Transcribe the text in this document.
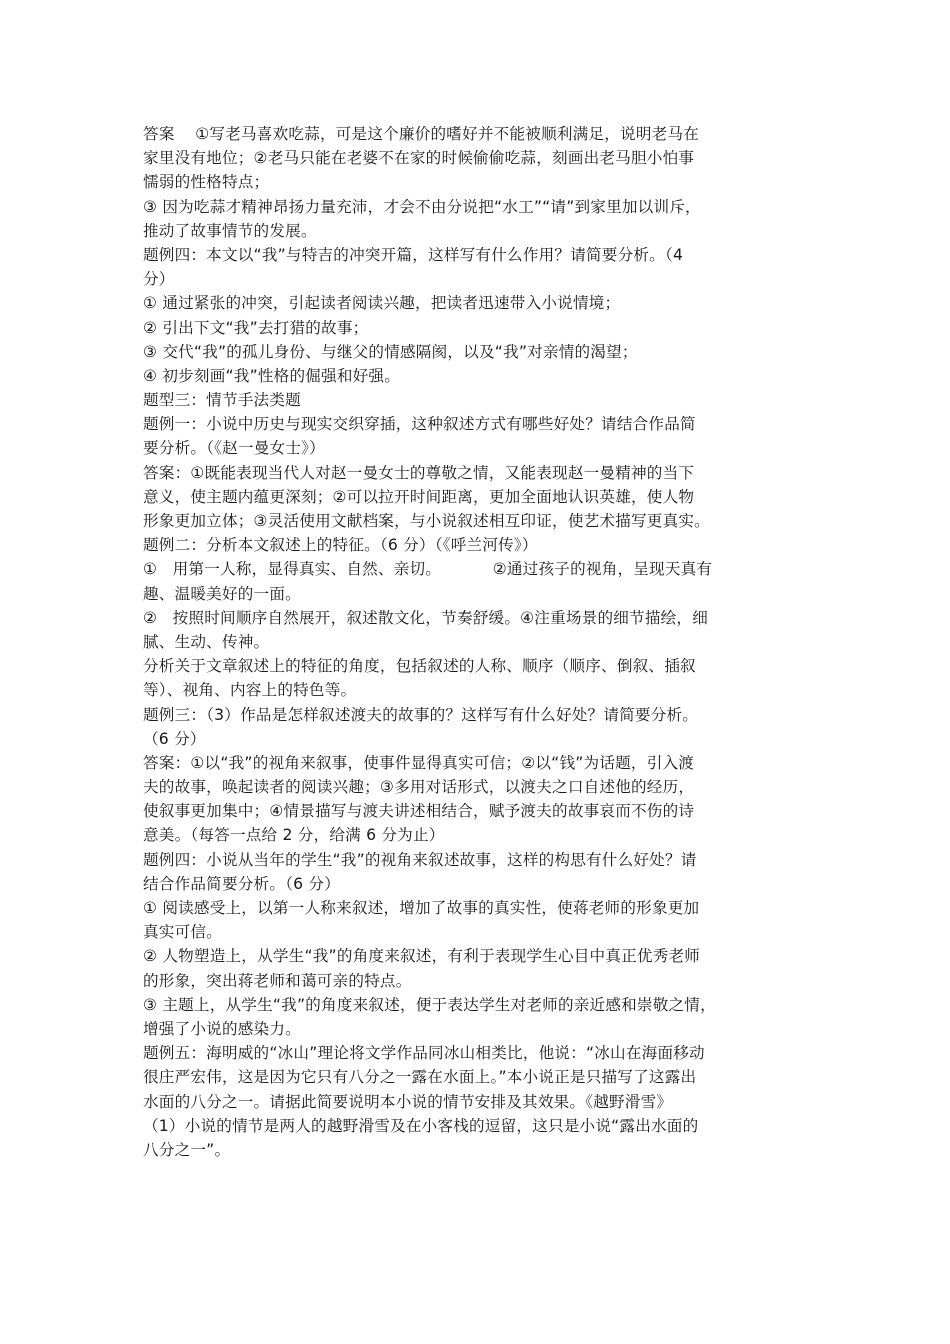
答案    ①写老马喜欢吃蒜，可是这个廉价的嗜好并不能被顺利满足，说明老马在
家里没有地位；②老马只能在老婆不在家的时候偷偷吃蒜，刻画出老马胆小怕事
懦弱的性格特点；
③ 因为吃蒜才精神昂扬力量充沛，才会不由分说把“水工”“请”到家里加以训斥，
推动了故事情节的发展。
题例四：本文以“我”与特吉的冲突开篇，这样写有什么作用？请简要分析。（4
分）
① 通过紧张的冲突，引起读者阅读兴趣，把读者迅速带入小说情境；
② 引出下文“我”去打猎的故事；
③ 交代“我”的孤儿身份、与继父的情感隔阂，以及“我”对亲情的渴望；
④ 初步刻画“我”性格的倔强和好强。
题型三：情节手法类题
题例一：小说中历史与现实交织穿插，这种叙述方式有哪些好处？请结合作品简
要分析。（《赵一曼女士》）
答案：①既能表现当代人对赵一曼女士的尊敬之情，又能表现赵一曼精神的当下
意义，使主题内蕴更深刻；②可以拉开时间距离，更加全面地认识英雄，使人物
形象更加立体；③灵活使用文献档案，与小说叙述相互印证，使艺术描写更真实。
题例二：分析本文叙述上的特征。（6 分）（《呼兰河传》）
①   用第一人称，显得真实、自然、亲切。          ②通过孩子的视角，呈现天真有
趣、温暖美好的一面。
②   按照时间顺序自然展开，叙述散文化，节奏舒缓。④注重场景的细节描绘，细
腻、生动、传神。
分析关于文章叙述上的特征的角度，包括叙述的人称、顺序（顺序、倒叙、插叙
等）、视角、内容上的特色等。
题例三：（3）作品是怎样叙述渡夫的故事的？这样写有什么好处？请简要分析。
（6 分）
答案：①以“我”的视角来叙事，使事件显得真实可信；②以“钱”为话题，引入渡
夫的故事，唤起读者的阅读兴趣；③多用对话形式，以渡夫之口自述他的经历，
使叙事更加集中；④情景描写与渡夫讲述相结合，赋予渡夫的故事哀而不伤的诗
意美。（每答一点给 2 分，给满 6 分为止）
题例四：小说从当年的学生“我”的视角来叙述故事，这样的构思有什么好处？请
结合作品简要分析。（6 分）
① 阅读感受上，以第一人称来叙述，增加了故事的真实性，使蒋老师的形象更加
真实可信。
② 人物塑造上，从学生“我”的角度来叙述，有利于表现学生心目中真正优秀老师
的形象，突出蒋老师和蔼可亲的特点。
③ 主题上，从学生“我”的角度来叙述，便于表达学生对老师的亲近感和崇敬之情，
增强了小说的感染力。
题例五：海明威的“冰山”理论将文学作品同冰山相类比，他说：“冰山在海面移动
很庄严宏伟，这是因为它只有八分之一露在水面上。”本小说正是只描写了这露出
水面的八分之一。请据此简要说明本小说的情节安排及其效果。《越野滑雪》
（1）小说的情节是两人的越野滑雪及在小客栈的逗留，这只是小说“露出水面的
八分之一”。
